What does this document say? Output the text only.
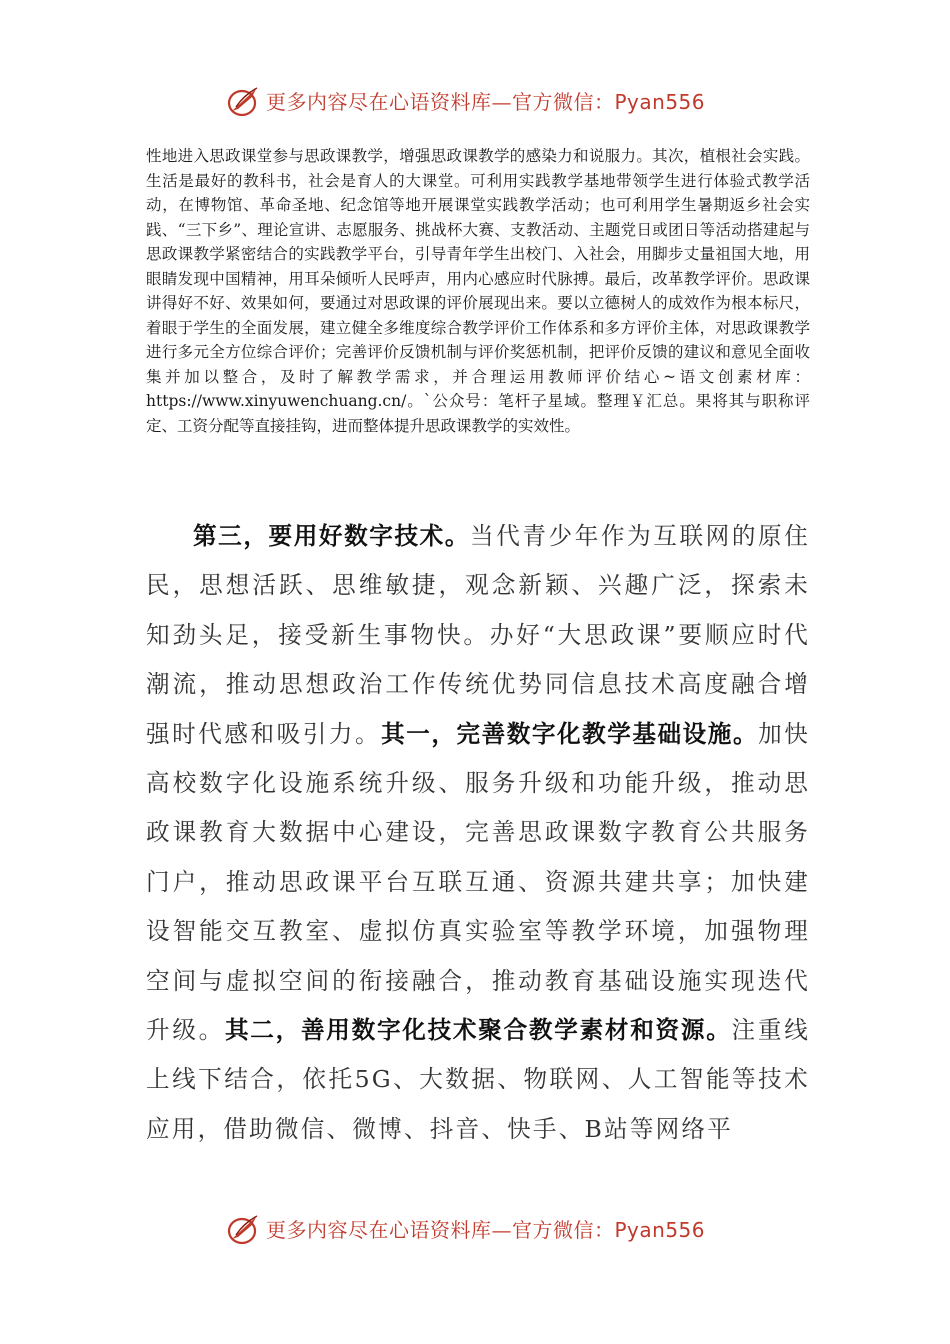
更多内容尽在心语资料库—官方微信：Pyan556

性地进入思政课堂参与思政课教学，增强思政课教学的感染力和说服力。其次，植根社会实践。生活是最好的教科书，社会是育人的大课堂。可利用实践教学基地带领学生进行体验式教学活动，在博物馆、革命圣地、纪念馆等地开展课堂实践教学活动；也可利用学生暑期返乡社会实践、“三下乡”、理论宣讲、志愿服务、挑战杯大赛、支教活动、主题党日或团日等活动搭建起与思政课教学紧密结合的实践教学平台，引导青年学生出校门、入社会，用脚步丈量祖国大地，用眼睛发现中国精神，用耳朵倾听人民呼声，用内心感应时代脉搏。最后，改革教学评价。思政课讲得好不好、效果如何，要通过对思政课的评价展现出来。要以立德树人的成效作为根本标尺，着眼于学生的全面发展，建立健全多维度综合教学评价工作体系和多方评价主体，对思政课教学进行多元全方位综合评价；完善评价反馈机制与评价奖惩机制，把评价反馈的建议和意见全面收集并加以整合，及时了解教学需求，并合理运用教师评价结心~语文创素材库：https://www.xinyuwenchuang.cn/。`公众号：笔杆子星域。整理￥汇总。果将其与职称评定、工资分配等直接挂钩，进而整体提升思政课教学的实效性。

第三，要用好数字技术。当代青少年作为互联网的原住民，思想活跃、思维敏捷，观念新颖、兴趣广泛，探索未知劲头足，接受新生事物快。办好“大思政课”要顺应时代潮流，推动思想政治工作传统优势同信息技术高度融合增强时代感和吸引力。其一，完善数字化教学基础设施。加快高校数字化设施系统升级、服务升级和功能升级，推动思政课教育大数据中心建设，完善思政课数字教育公共服务门户，推动思政课平台互联互通、资源共建共享；加快建设智能交互教室、虚拟仿真实验室等教学环境，加强物理空间与虚拟空间的衔接融合，推动教育基础设施实现迭代升级。其二，善用数字化技术聚合教学素材和资源。注重线上线下结合，依托5G、大数据、物联网、人工智能等技术应用，借助微信、微博、抖音、快手、B站等网络平

更多内容尽在心语资料库—官方微信：Pyan556
